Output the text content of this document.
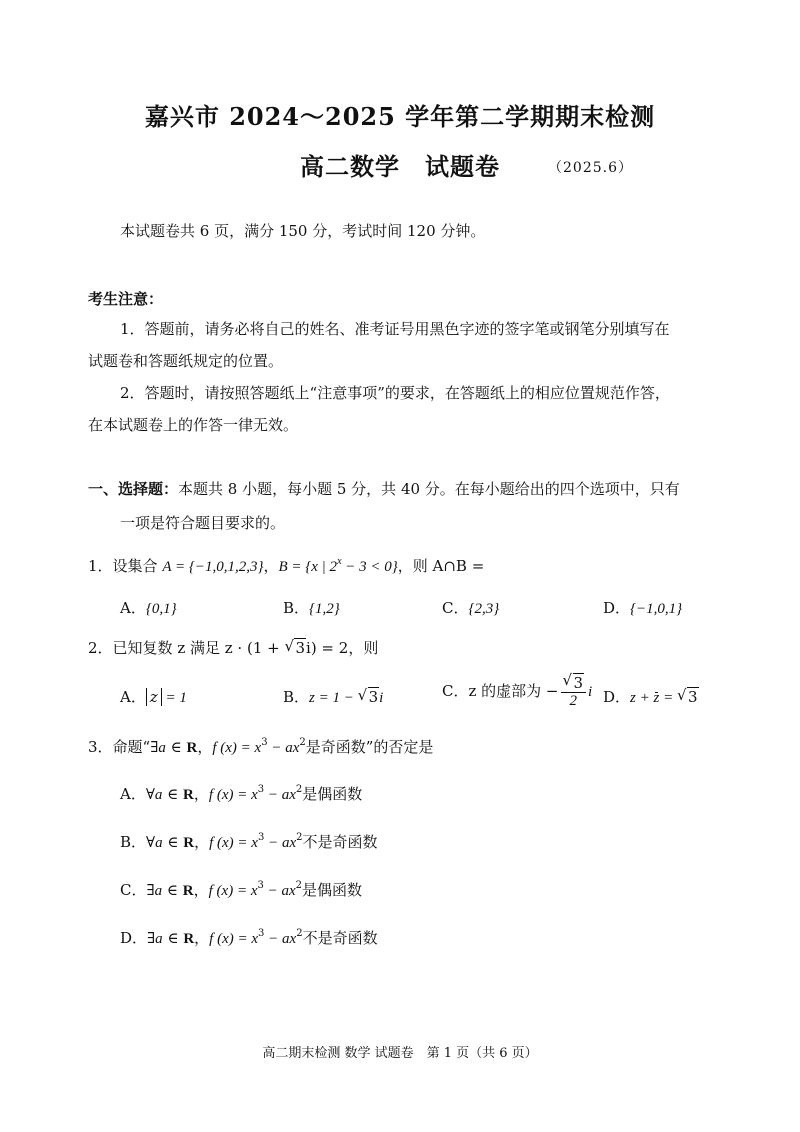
嘉兴市 2024～2025 学年第二学期期末检测
高二数学　试题卷	（2025.6）
本试题卷共 6 页，满分 150 分，考试时间 120 分钟。
考生注意：
1．答题前，请务必将自己的姓名、准考证号用黑色字迹的签字笔或钢笔分别填写在
试题卷和答题纸规定的位置。
2．答题时，请按照答题纸上“注意事项”的要求，在答题纸上的相应位置规范作答，
在本试题卷上的作答一律无效。
一、选择题：本题共 8 小题，每小题 5 分，共 40 分。在每小题给出的四个选项中，只有
一项是符合题目要求的。
1．设集合 A = {−1,0,1,2,3}，B = {x | $2^x - 3 < 0$}，则 A∩B =
A．{0,1}	B．{1,2}	C．{2,3}	D．{−1,0,1}
2．已知复数 z 满足 z · (1 + √ 3i) = 2，则
A． z = 1	B．z = 1 − √ 3i	C．z 的虚部为 −
√ $\frac{3}{2}$ i D．z + z = √ 3
3．命题“∃a ∈ R，f $(x) = x^3 - ax^2$是奇函数”的否定是
A．∀a ∈ R，f $(x) = x^3 - ax^2$是偶函数
B．∀a ∈ R，f $(x) = x^3 - ax^2$不是奇函数
C．∃a ∈ R，f $(x) = x^3 - ax^2$是偶函数
D．∃a ∈ R，f $(x) = x^3 - ax^2$不是奇函数
高二期末检测 数学 试题卷　第 1 页（共 6 页）
